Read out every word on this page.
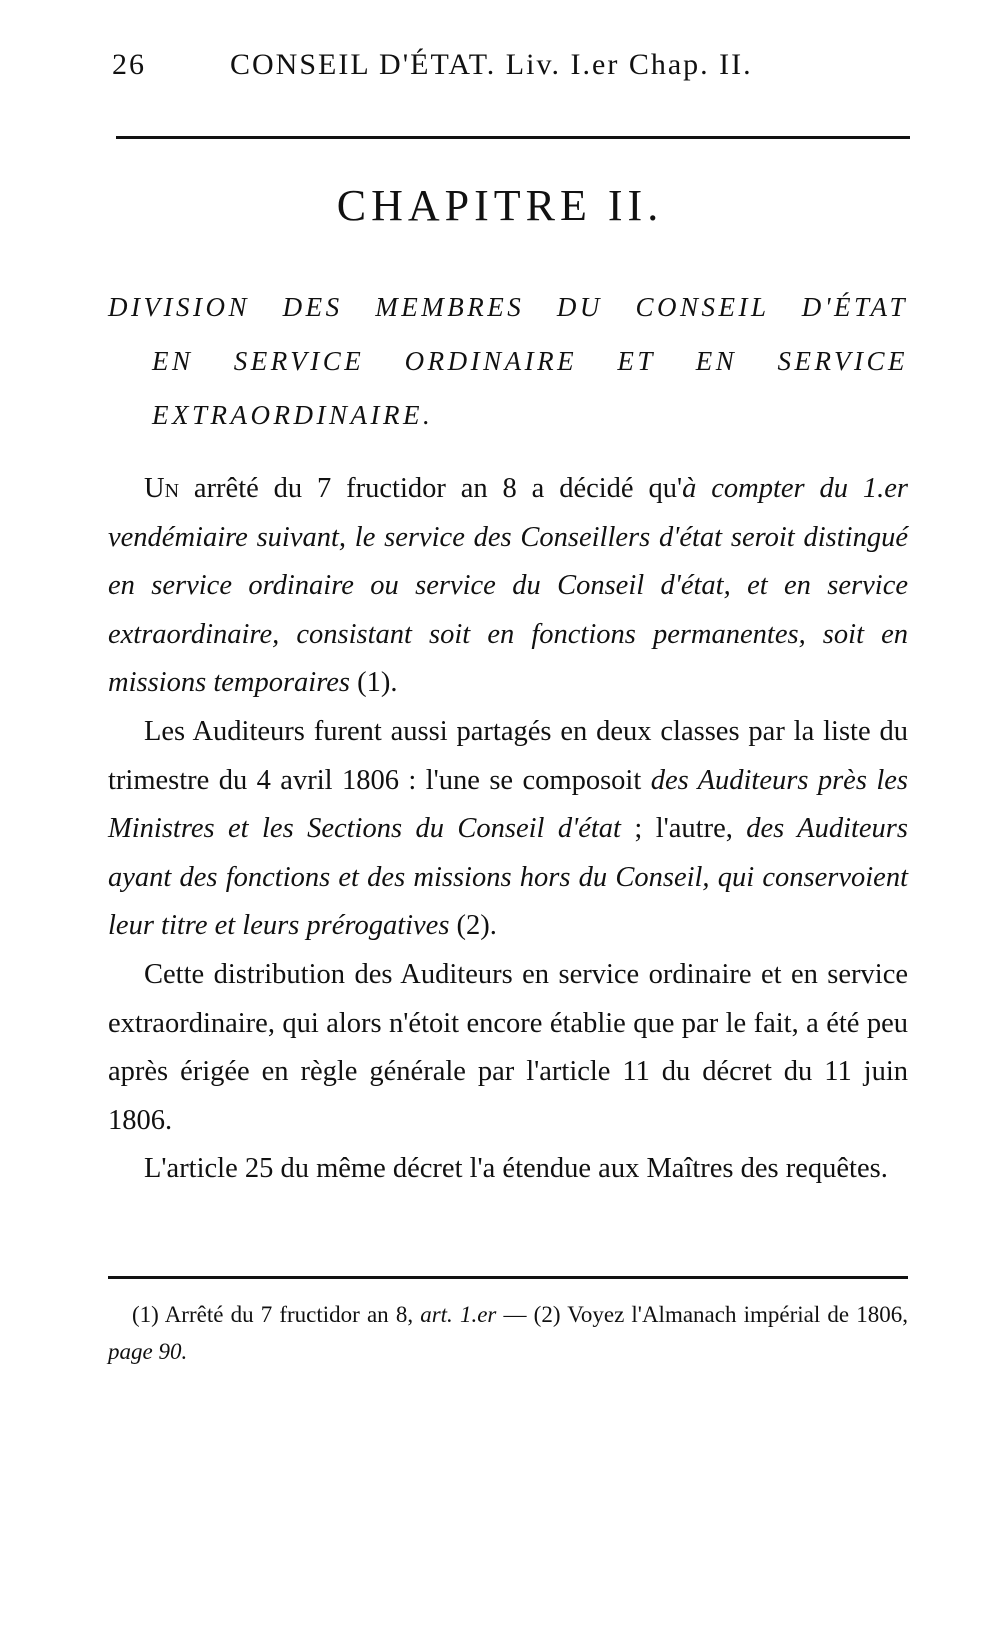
26	CONSEIL D'ÉTAT. Liv. I.er Chap. II.
CHAPITRE II.
DIVISION DES MEMBRES DU CONSEIL D'ÉTAT
EN SERVICE ORDINAIRE ET EN SERVICE
EXTRAORDINAIRE.

Un arrêté du 7 fructidor an 8 a décidé qu'à compter du 1.er vendémiaire suivant, le service des Conseillers d'état seroit distingué en service ordinaire ou service du Conseil d'état, et en service extraordinaire, consistant soit en fonctions permanentes, soit en missions temporaires (1).

Les Auditeurs furent aussi partagés en deux classes par la liste du trimestre du 4 avril 1806 : l'une se composoit des Auditeurs près les Ministres et les Sections du Conseil d'état ; l'autre, des Auditeurs ayant des fonctions et des missions hors du Conseil, qui conservoient leur titre et leurs prérogatives (2).

Cette distribution des Auditeurs en service ordinaire et en service extraordinaire, qui alors n'étoit encore établie que par le fait, a été peu après érigée en règle générale par l'article 11 du décret du 11 juin 1806.

L'article 25 du même décret l'a étendue aux Maîtres des requêtes.

(1) Arrêté du 7 fructidor an 8, art. 1.er — (2) Voyez l'Almanach impérial de 1806, page 90.
